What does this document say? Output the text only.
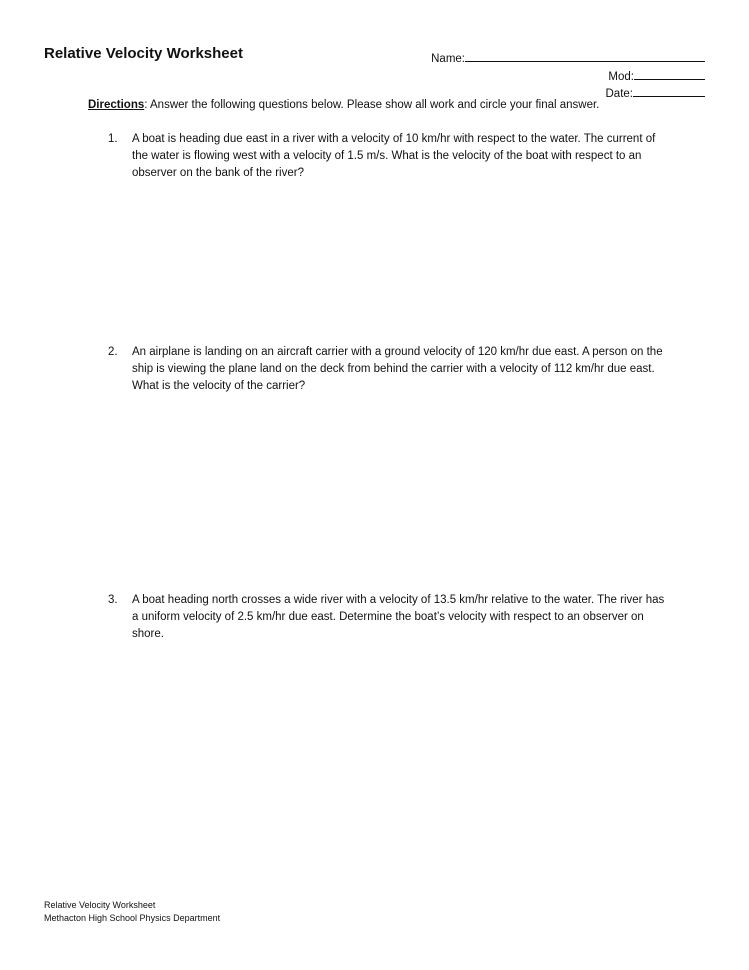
Relative Velocity Worksheet	Name:
Mod:
Date:
Directions: Answer the following questions below. Please show all work and circle your final answer.
1. A boat is heading due east in a river with a velocity of 10 km/hr with respect to the water. The current of the water is flowing west with a velocity of 1.5 m/s. What is the velocity of the boat with respect to an observer on the bank of the river?
2. An airplane is landing on an aircraft carrier with a ground velocity of 120 km/hr due east. A person on the ship is viewing the plane land on the deck from behind the carrier with a velocity of 112 km/hr due east. What is the velocity of the carrier?
3. A boat heading north crosses a wide river with a velocity of 13.5 km/hr relative to the water. The river has a uniform velocity of 2.5 km/hr due east. Determine the boat’s velocity with respect to an observer on shore.
Relative Velocity Worksheet
Methacton High School Physics Department
